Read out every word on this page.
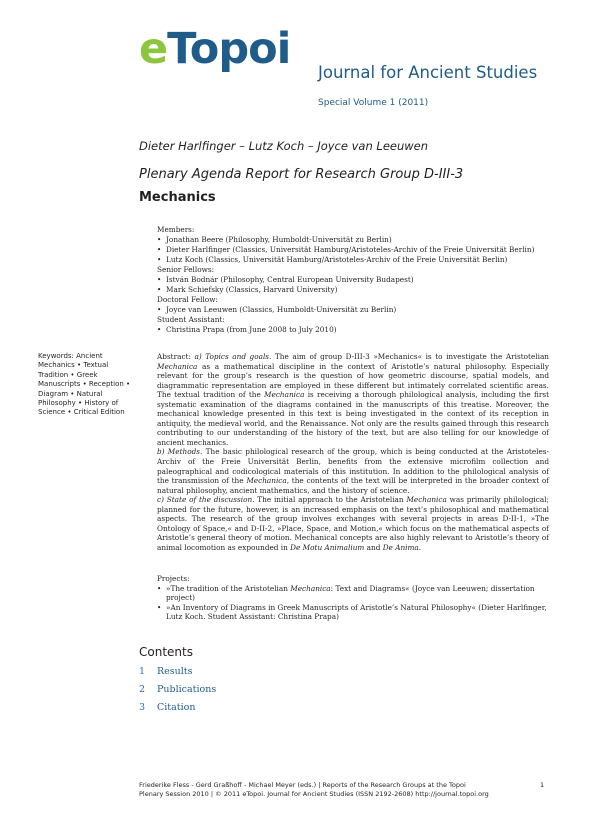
eTopoi Journal for Ancient Studies
Special Volume 1 (2011)
Dieter Harlfinger – Lutz Koch – Joyce van Leeuwen
Plenary Agenda Report for Research Group D-III-3
Mechanics
Members:
• Jonathan Beere (Philosophy, Humboldt-Universität zu Berlin)
• Dieter Harlfinger (Classics, Universität Hamburg/Aristoteles-Archiv of the Freie Universität Berlin)
• Lutz Koch (Classics, Universität Hamburg/Aristoteles-Archiv of the Freie Universität Berlin)
Senior Fellows:
• István Bodnár (Philosophy, Central European University Budapest)
• Mark Schiefsky (Classics, Harvard University)
Doctoral Fellow:
• Joyce van Leeuwen (Classics, Humboldt-Universität zu Berlin)
Student Assistant:
• Christina Prapa (from June 2008 to July 2010)
Keywords: Ancient Mechanics • Textual Tradition • Greek Manuscripts • Reception • Diagram • Natural Philosophy • History of Science • Critical Edition

Abstract: a) Topics and goals. The aim of group D-III-3 »Mechanics« is to investigate the Aristotelian Mechanica as a mathematical discipline in the context of Aristotle’s natural philosophy. Especially relevant for the group’s research is the question of how geometric discourse, spatial models, and diagrammatic representation are employed in these different but intimately correlated scientific areas. The textual tradition of the Mechanica is receiving a thorough philological analysis, including the first systematic examination of the diagrams contained in the manuscripts of this treatise. Moreover, the mechanical knowledge presented in this text is being investigated in the context of its reception in antiquity, the medieval world, and the Renaissance. Not only are the results gained through this research contributing to our understanding of the history of the text, but are also telling for our knowledge of ancient mechanics.

b) Methods. The basic philological research of the group, which is being conducted at the Aristoteles-Archiv of the Freie Universität Berlin, benefits from the extensive microfilm collection and paleographical and codicological materials of this institution. In addition to the philological analysis of the transmission of the Mechanica, the contents of the text will be interpreted in the broader context of natural philosophy, ancient mathematics, and the history of science.

c) State of the discussion. The initial approach to the Aristotelian Mechanica was primarily philological; planned for the future, however, is an increased emphasis on the text’s philosophical and mathematical aspects. The research of the group involves exchanges with several projects in areas D-II-1, »The Ontology of Space,« and D-II-2, »Place, Space, and Motion,« which focus on the mathematical aspects of Aristotle’s general theory of motion. Mechanical concepts are also highly relevant to Aristotle’s theory of animal locomotion as expounded in De Motu Animalium and De Anima.

Projects:
• »The tradition of the Aristotelian Mechanica: Text and Diagrams« (Joyce van Leeuwen; dissertation project)
• »An Inventory of Diagrams in Greek Manuscripts of Aristotle’s Natural Philosophy« (Dieter Harlfinger, Lutz Koch. Student Assistant: Christina Prapa)
Contents
1 Results
2 Publications
3 Citation
Friederike Fless - Gerd Graßhoff - Michael Meyer (eds.) | Reports of the Research Groups at the Topoi
Plenary Session 2010 | © 2011 eTopoi. Journal for Ancient Studies (ISSN 2192-2608) http://journal.topoi.org
1
